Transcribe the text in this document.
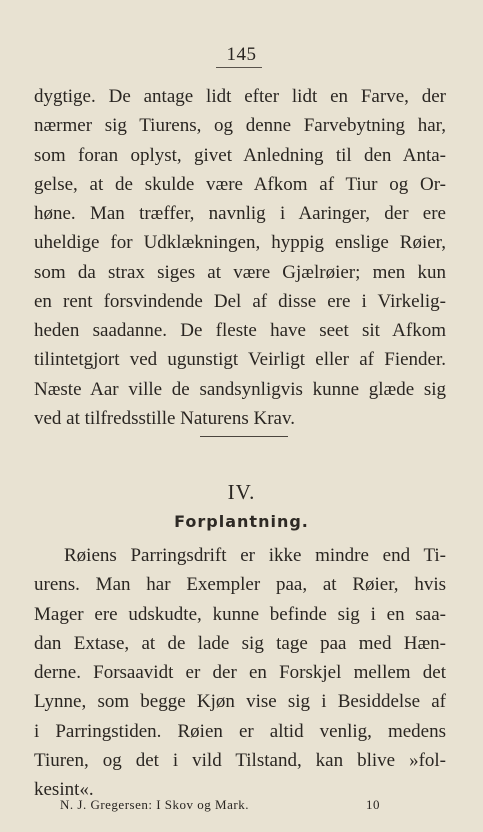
145
dygtige. De antage lidt efter lidt en Farve, der
nærmer sig Tiurens, og denne Farvebytning har,
som foran oplyst, givet Anledning til den Anta-
gelse, at de skulde være Afkom af Tiur og Or-
høne. Man træffer, navnlig i Aaringer, der ere
uheldige for Udklækningen, hyppig enslige Røier,
som da strax siges at være Gjælrøier; men kun
en rent forsvindende Del af disse ere i Virkelig-
heden saadanne. De fleste have seet sit Afkom
tilintetgjort ved ugunstigt Veirligt eller af Fiender.
Næste Aar ville de sandsynligvis kunne glæde sig
ved at tilfredsstille Naturens Krav.
IV.
Forplantning.
Røiens Parringsdrift er ikke mindre end Ti-
urens. Man har Exempler paa, at Røier, hvis
Mager ere udskudte, kunne befinde sig i en saa-
dan Extase, at de lade sig tage paa med Hæn-
derne. Forsaavidt er der en Forskjel mellem det
Lynne, som begge Kjøn vise sig i Besiddelse af
i Parringstiden. Røien er altid venlig, medens
Tiuren, og det i vild Tilstand, kan blive »fol-
kesint«.
N. J. Gregersen: I Skov og Mark.	10
